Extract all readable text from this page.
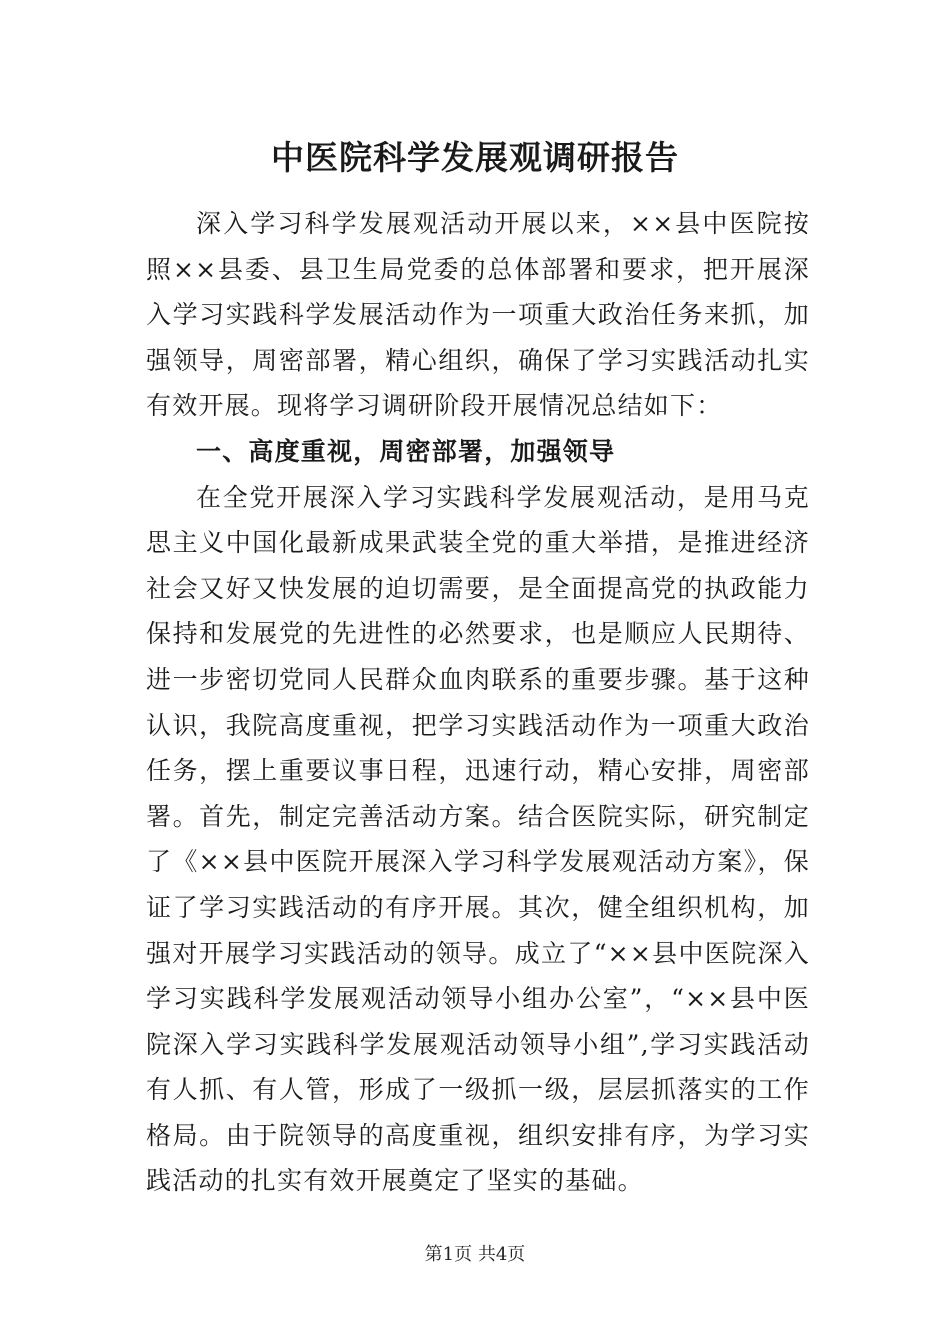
中医院科学发展观调研报告

深入学习科学发展观活动开展以来，××县中医院按照××县委、县卫生局党委的总体部署和要求，把开展深入学习实践科学发展活动作为一项重大政治任务来抓，加强领导，周密部署，精心组织，确保了学习实践活动扎实有效开展。现将学习调研阶段开展情况总结如下：

一、高度重视，周密部署，加强领导

在全党开展深入学习实践科学发展观活动，是用马克思主义中国化最新成果武装全党的重大举措，是推进经济社会又好又快发展的迫切需要，是全面提高党的执政能力保持和发展党的先进性的必然要求，也是顺应人民期待、进一步密切党同人民群众血肉联系的重要步骤。基于这种认识，我院高度重视，把学习实践活动作为一项重大政治任务，摆上重要议事日程，迅速行动，精心安排，周密部署。首先，制定完善活动方案。结合医院实际，研究制定了《××县中医院开展深入学习科学发展观活动方案》，保证了学习实践活动的有序开展。其次，健全组织机构，加强对开展学习实践活动的领导。成立了“××县中医院深入学习实践科学发展观活动领导小组办公室”，“××县中医院深入学习实践科学发展观活动领导小组”,学习实践活动有人抓、有人管，形成了一级抓一级，层层抓落实的工作格局。由于院领导的高度重视，组织安排有序，为学习实践活动的扎实有效开展奠定了坚实的基础。

第1页 共4页
